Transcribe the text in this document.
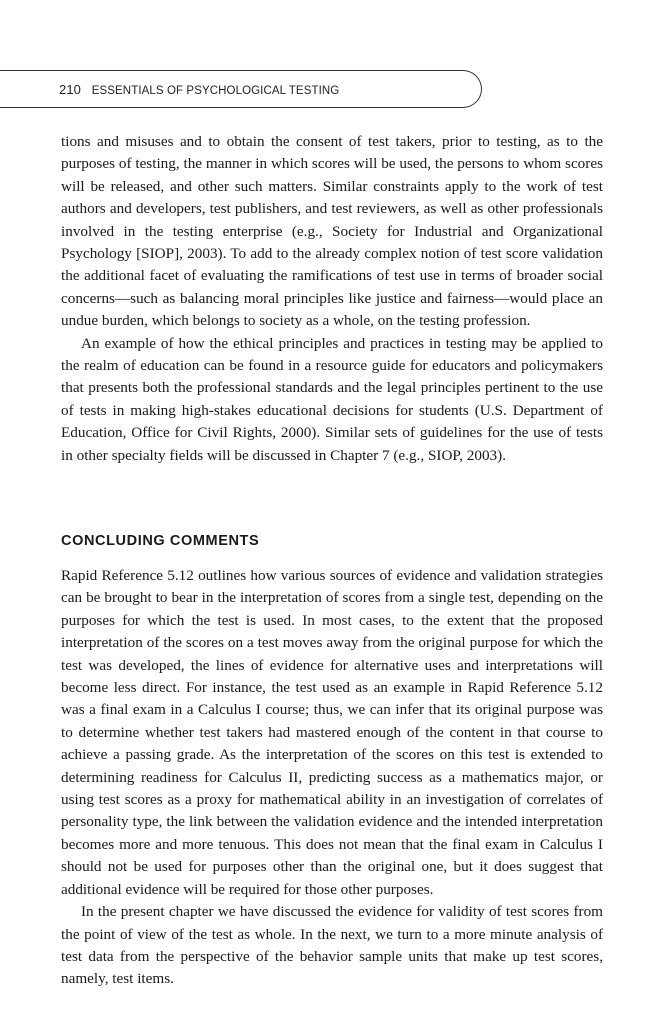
210 ESSENTIALS OF PSYCHOLOGICAL TESTING

tions and misuses and to obtain the consent of test takers, prior to testing, as to the purposes of testing, the manner in which scores will be used, the persons to whom scores will be released, and other such matters. Similar constraints apply to the work of test authors and developers, test publishers, and test reviewers, as well as other professionals involved in the testing enterprise (e.g., Society for Industrial and Organizational Psychology [SIOP], 2003). To add to the already complex notion of test score validation the additional facet of evaluating the ramifications of test use in terms of broader social concerns—such as balancing moral principles like justice and fairness—would place an undue burden, which belongs to society as a whole, on the testing profession.

An example of how the ethical principles and practices in testing may be applied to the realm of education can be found in a resource guide for educators and policymakers that presents both the professional standards and the legal principles pertinent to the use of tests in making high-stakes educational decisions for students (U.S. Department of Education, Office for Civil Rights, 2000). Similar sets of guidelines for the use of tests in other specialty fields will be discussed in Chapter 7 (e.g., SIOP, 2003).

CONCLUDING COMMENTS

Rapid Reference 5.12 outlines how various sources of evidence and validation strategies can be brought to bear in the interpretation of scores from a single test, depending on the purposes for which the test is used. In most cases, to the extent that the proposed interpretation of the scores on a test moves away from the original purpose for which the test was developed, the lines of evidence for alternative uses and interpretations will become less direct. For instance, the test used as an example in Rapid Reference 5.12 was a final exam in a Calculus I course; thus, we can infer that its original purpose was to determine whether test takers had mastered enough of the content in that course to achieve a passing grade. As the interpretation of the scores on this test is extended to determining readiness for Calculus II, predicting success as a mathematics major, or using test scores as a proxy for mathematical ability in an investigation of correlates of personality type, the link between the validation evidence and the intended interpretation becomes more and more tenuous. This does not mean that the final exam in Calculus I should not be used for purposes other than the original one, but it does suggest that additional evidence will be required for those other purposes.

In the present chapter we have discussed the evidence for validity of test scores from the point of view of the test as whole. In the next, we turn to a more minute analysis of test data from the perspective of the behavior sample units that make up test scores, namely, test items.
